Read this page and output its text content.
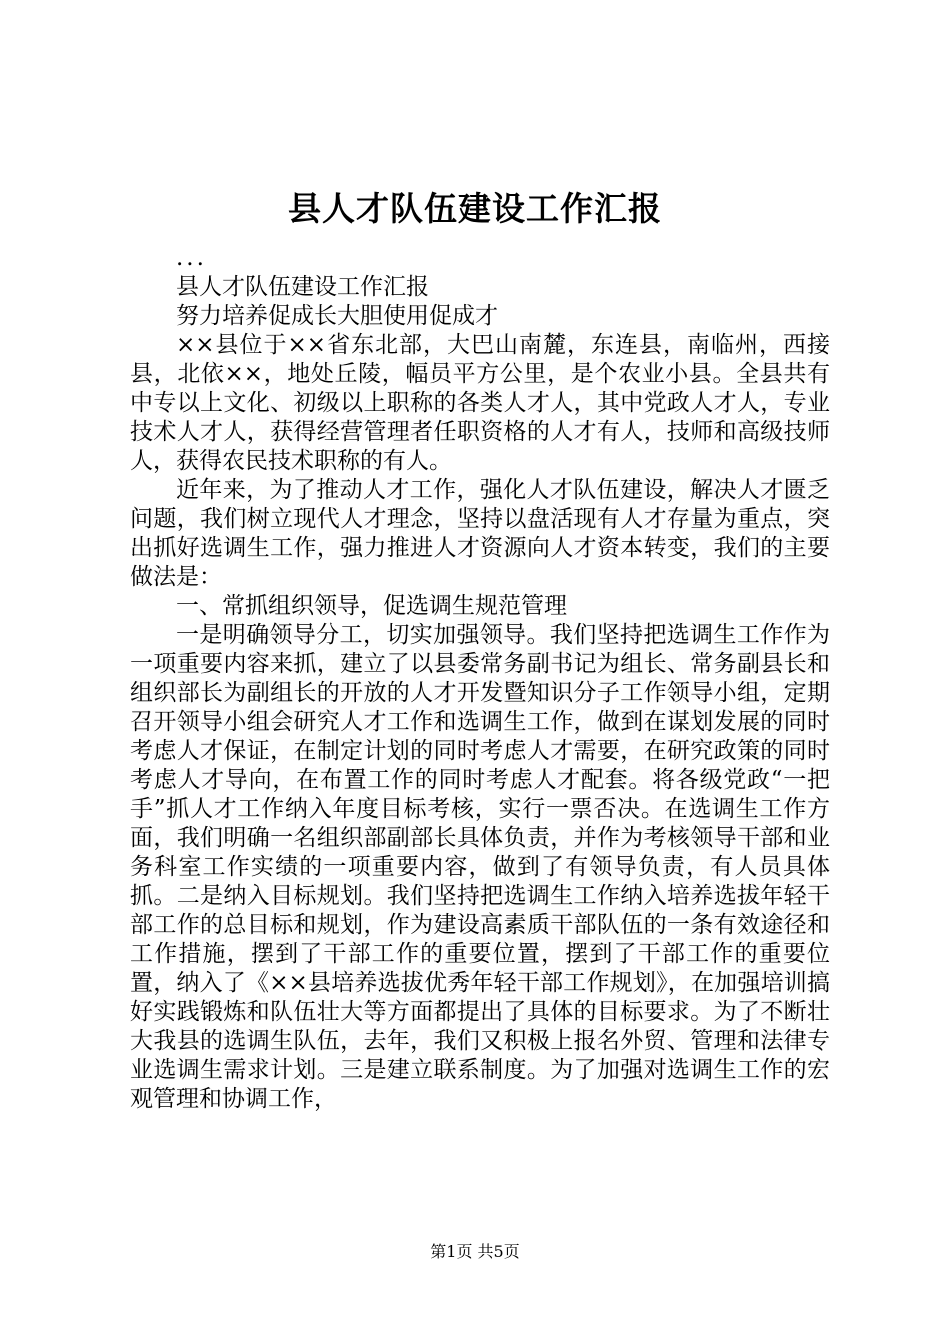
县人才队伍建设工作汇报

...

县人才队伍建设工作汇报

努力培养促成长大胆使用促成才

××县位于××省东北部，大巴山南麓，东连县，南临州，西接县，北依××，地处丘陵，幅员平方公里，是个农业小县。全县共有中专以上文化、初级以上职称的各类人才人，其中党政人才人，专业技术人才人，获得经营管理者任职资格的人才有人，技师和高级技师人，获得农民技术职称的有人。

近年来，为了推动人才工作，强化人才队伍建设，解决人才匮乏问题，我们树立现代人才理念，坚持以盘活现有人才存量为重点，突出抓好选调生工作，强力推进人才资源向人才资本转变，我们的主要做法是：

一、常抓组织领导，促选调生规范管理

一是明确领导分工，切实加强领导。我们坚持把选调生工作作为一项重要内容来抓，建立了以县委常务副书记为组长、常务副县长和组织部长为副组长的开放的人才开发暨知识分子工作领导小组，定期召开领导小组会研究人才工作和选调生工作，做到在谋划发展的同时考虑人才保证，在制定计划的同时考虑人才需要，在研究政策的同时考虑人才导向，在布置工作的同时考虑人才配套。将各级党政“一把手”抓人才工作纳入年度目标考核，实行一票否决。在选调生工作方面，我们明确一名组织部副部长具体负责，并作为考核领导干部和业务科室工作实绩的一项重要内容，做到了有领导负责，有人员具体抓。二是纳入目标规划。我们坚持把选调生工作纳入培养选拔年轻干部工作的总目标和规划，作为建设高素质干部队伍的一条有效途径和工作措施，摆到了干部工作的重要位置，摆到了干部工作的重要位置，纳入了《××县培养选拔优秀年轻干部工作规划》，在加强培训搞好实践锻炼和队伍壮大等方面都提出了具体的目标要求。为了不断壮大我县的选调生队伍，去年，我们又积极上报名外贸、管理和法律专业选调生需求计划。三是建立联系制度。为了加强对选调生工作的宏观管理和协调工作，

第1页 共5页
